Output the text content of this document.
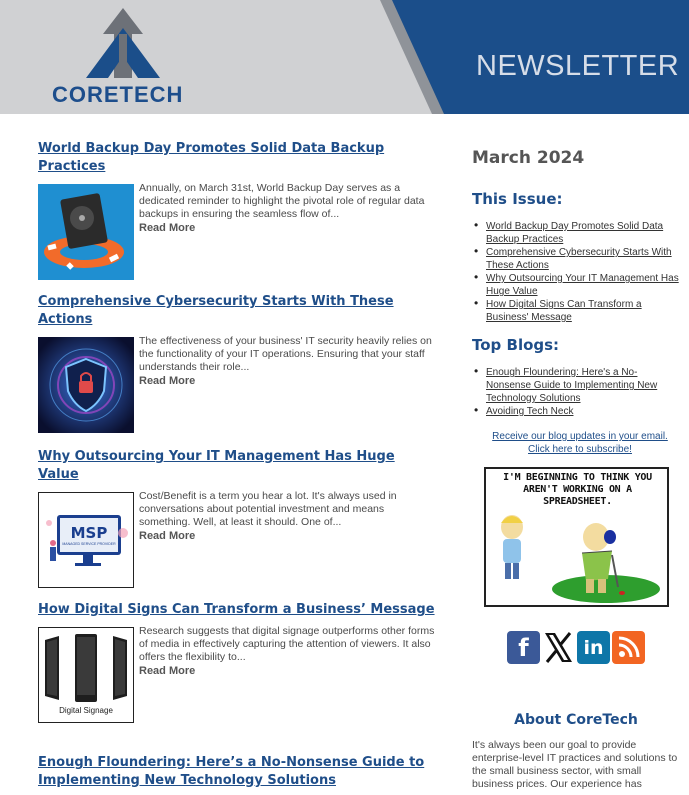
CORETECH
NEWSLETTER

World Backup Day Promotes Solid Data Backup Practices

Annually, on March 31st, World Backup Day serves as a dedicated reminder to highlight the pivotal role of regular data backups in ensuring the seamless flow of...
Read More

Comprehensive Cybersecurity Starts With These Actions

The effectiveness of your business' IT security heavily relies on the functionality of your IT operations. Ensuring that your staff understands their role...
Read More

Why Outsourcing Your IT Management Has Huge Value

MSP
MANAGED SERVICE PROVIDER
Cost/Benefit is a term you hear a lot. It's always used in conversations about potential investment and means something. Well, at least it should. One of...
Read More

How Digital Signs Can Transform a Business’ Message

Digital Signage
Research suggests that digital signage outperforms other forms of media in effectively capturing the attention of viewers. It also offers the flexibility to...
Read More

Enough Floundering: Here’s a No-Nonsense Guide to Implementing New Technology Solutions

March 2024
This Issue:
• World Backup Day Promotes Solid Data Backup Practices
• Comprehensive Cybersecurity Starts With These Actions
• Why Outsourcing Your IT Management Has Huge Value
• How Digital Signs Can Transform a Business' Message
Top Blogs:
• Enough Floundering: Here's a No-Nonsense Guide to Implementing New Technology Solutions
• Avoiding Tech Neck
Receive our blog updates in your email.
Click here to subscribe!
I'M BEGINNING TO THINK YOU AREN'T WORKING ON A SPREADSHEET.
f	in
About CoreTech
It's always been our goal to provide enterprise-level IT practices and solutions to the small business sector, with small business prices. Our experience has
